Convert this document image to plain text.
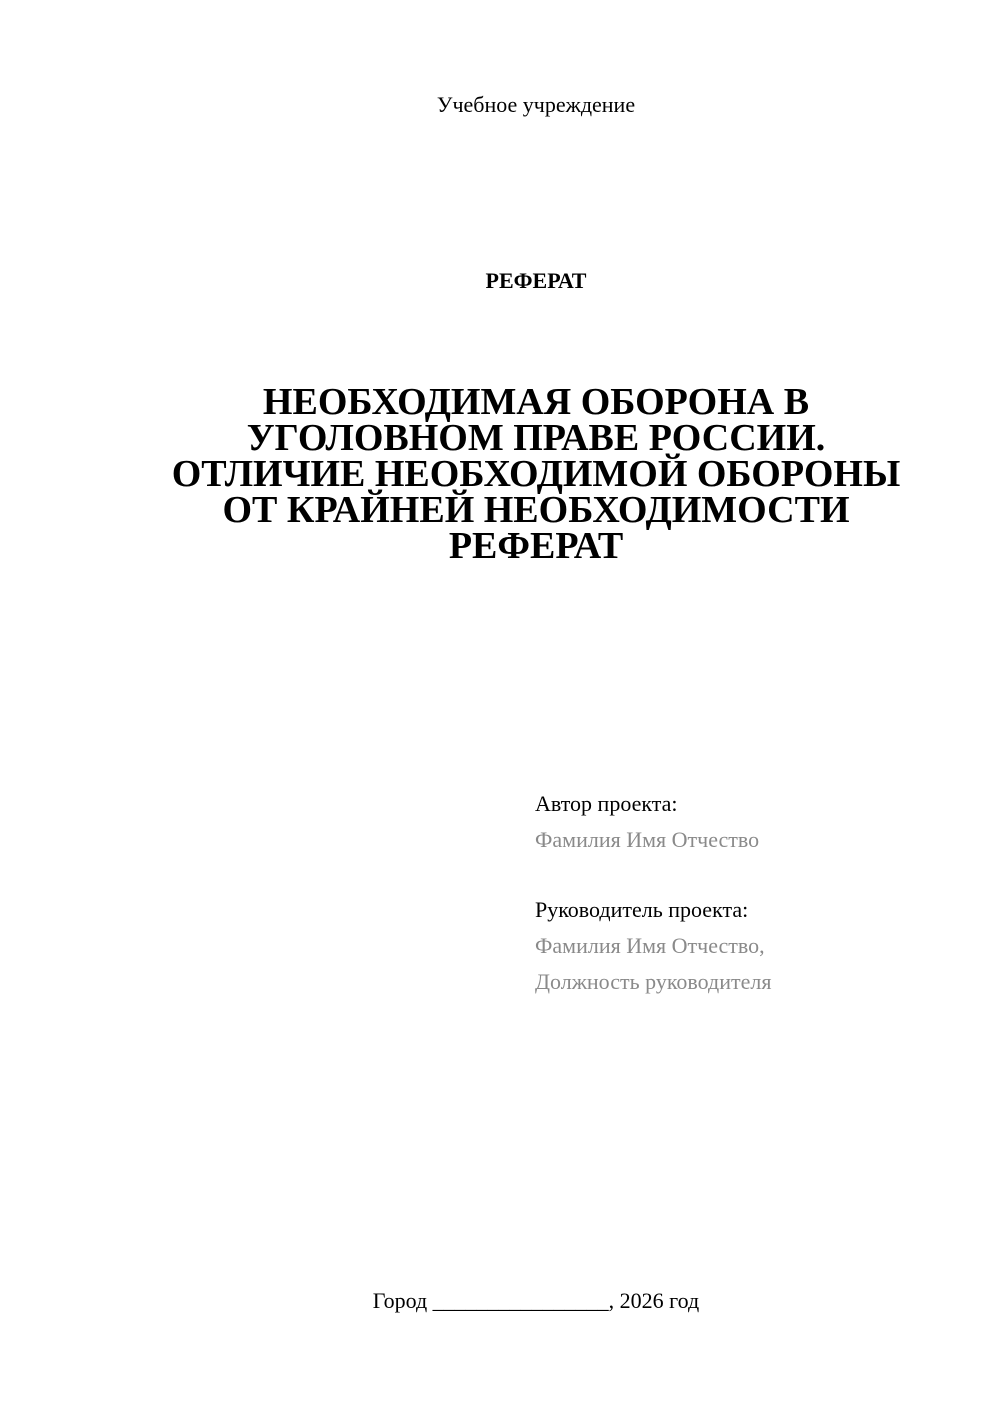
Учебное учреждение
РЕФЕРАТ
НЕОБХОДИМАЯ ОБОРОНА В
УГОЛОВНОМ ПРАВЕ РОССИИ.
ОТЛИЧИЕ НЕОБХОДИМОЙ ОБОРОНЫ
ОТ КРАЙНЕЙ НЕОБХОДИМОСТИ
РЕФЕРАТ
Автор проекта:
Фамилия Имя Отчество
Руководитель проекта:
Фамилия Имя Отчество,
Должность руководителя
Город ________________, 2026 год
